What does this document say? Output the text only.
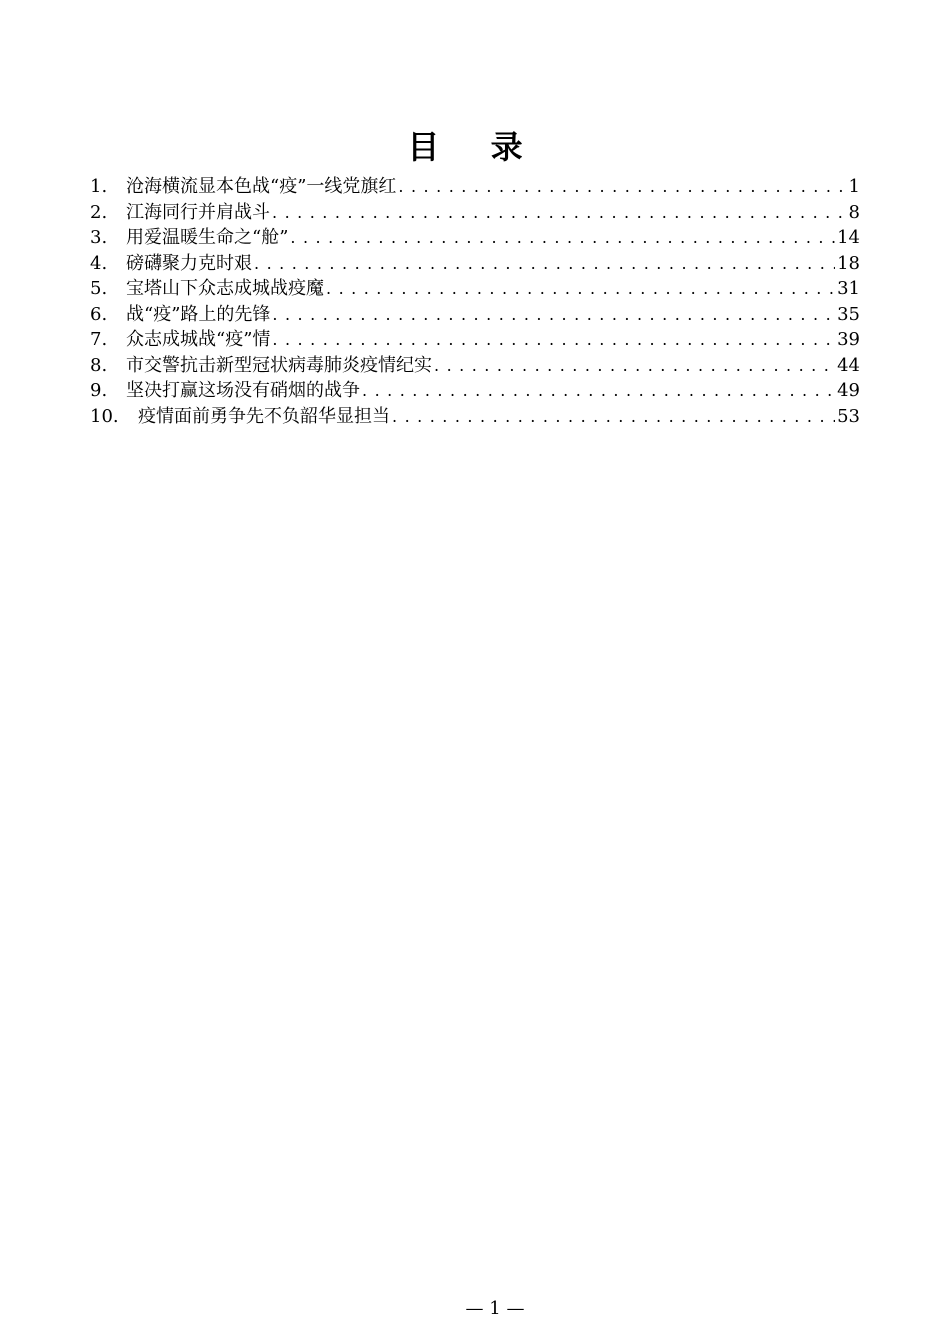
目 录
1.	沧海横流显本色战“疫”一线党旗红 . . .	1
2.	江海同行并肩战斗 . . .	8
3.	用爱温暖生命之“舱” . . .	14
4.	磅礴聚力克时艰 . . .	18
5.	宝塔山下众志成城战疫魔 . . .	31
6.	战“疫”路上的先锋 . . .	35
7.	众志成城战“疫”情 . . .	39
8.	市交警抗击新型冠状病毒肺炎疫情纪实 . . .	44
9.	坚决打赢这场没有硝烟的战争 . . .	49
10.	疫情面前勇争先不负韶华显担当 . . .	53
— 1 —
